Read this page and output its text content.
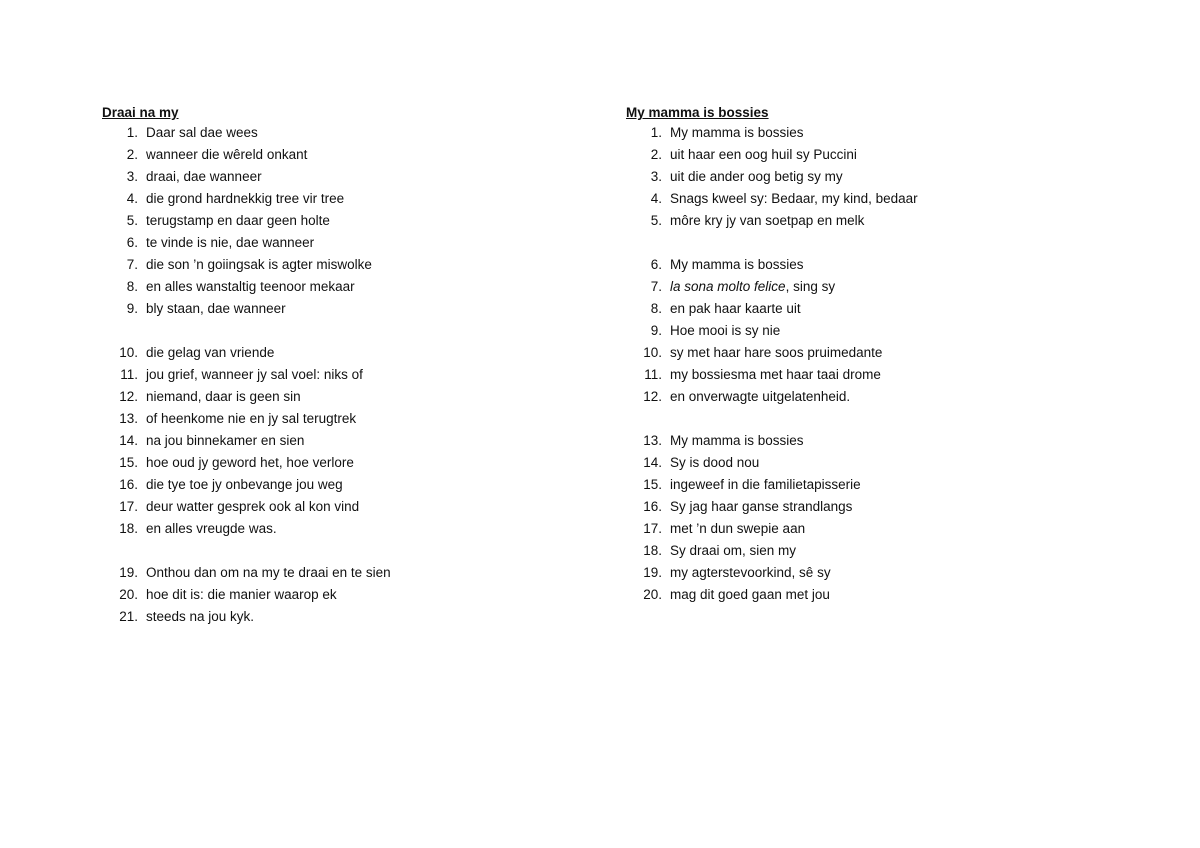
Draai na my

1. Daar sal dae wees
2. wanneer die wêreld onkant
3. draai, dae wanneer
4. die grond hardnekkig tree vir tree
5. terugstamp en daar geen holte
6. te vinde is nie, dae wanneer
7. die son ’n goiingsak is agter miswolke
8. en alles wanstaltig teenoor mekaar
9. bly staan, dae wanneer
10. die gelag van vriende
11. jou grief, wanneer jy sal voel: niks of
12. niemand, daar is geen sin
13. of heenkome nie en jy sal terugtrek
14. na jou binnekamer en sien
15. hoe oud jy geword het, hoe verlore
16. die tye toe jy onbevange jou weg
17. deur watter gesprek ook al kon vind
18. en alles vreugde was.
19. Onthou dan om na my te draai en te sien
20. hoe dit is: die manier waarop ek
21. steeds na jou kyk.

My mamma is bossies

1. My mamma is bossies
2. uit haar een oog huil sy Puccini
3. uit die ander oog betig sy my
4. Snags kweel sy: Bedaar, my kind, bedaar
5. môre kry jy van soetpap en melk
6. My mamma is bossies
7. la sona molto felice, sing sy
8. en pak haar kaarte uit
9. Hoe mooi is sy nie
10. sy met haar hare soos pruimedante
11. my bossiesma met haar taai drome
12. en onverwagte uitgelatenheid.
13. My mamma is bossies
14. Sy is dood nou
15. ingeweef in die familietapisserie
16. Sy jag haar ganse strandlangs
17. met ’n dun swepie aan
18. Sy draai om, sien my
19. my agterstevoorkind, sê sy
20. mag dit goed gaan met jou
